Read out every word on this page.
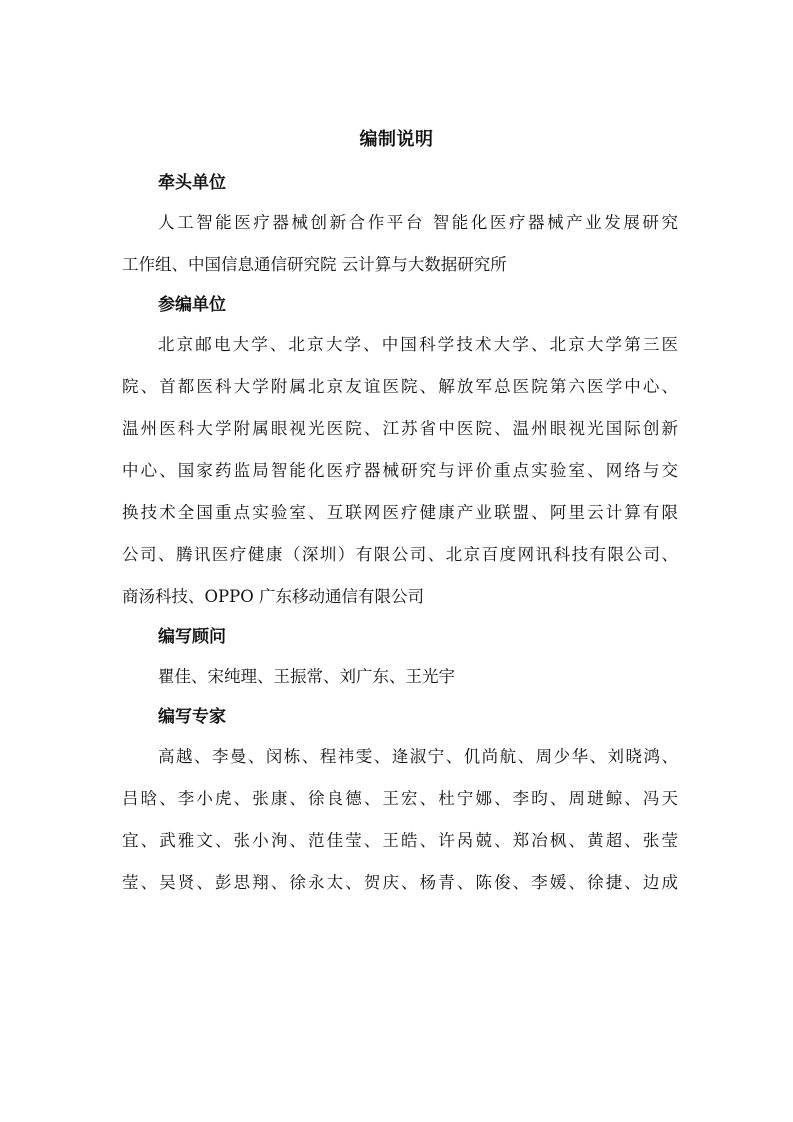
编制说明
牵头单位
人工智能医疗器械创新合作平台 智能化医疗器械产业发展研究
工作组、中国信息通信研究院 云计算与大数据研究所
参编单位
北京邮电大学、北京大学、中国科学技术大学、北京大学第三医
院、首都医科大学附属北京友谊医院、解放军总医院第六医学中心、
温州医科大学附属眼视光医院、江苏省中医院、温州眼视光国际创新
中心、国家药监局智能化医疗器械研究与评价重点实验室、网络与交
换技术全国重点实验室、互联网医疗健康产业联盟、阿里云计算有限
公司、腾讯医疗健康（深圳）有限公司、北京百度网讯科技有限公司、
商汤科技、OPPO 广东移动通信有限公司
编写顾问
瞿佳、宋纯理、王振常、刘广东、王光宇
编写专家
高越、李曼、闵栋、程祎雯、逄淑宁、仉尚航、周少华、刘晓鸿、
吕晗、李小虎、张康、徐良德、王宏、杜宁娜、李昀、周琎鲸、冯天
宜、武雅文、张小洵、范佳莹、王皓、许呙兢、郑冶枫、黄超、张莹
莹、吴贤、彭思翔、徐永太、贺庆、杨青、陈俊、李媛、徐捷、边成
